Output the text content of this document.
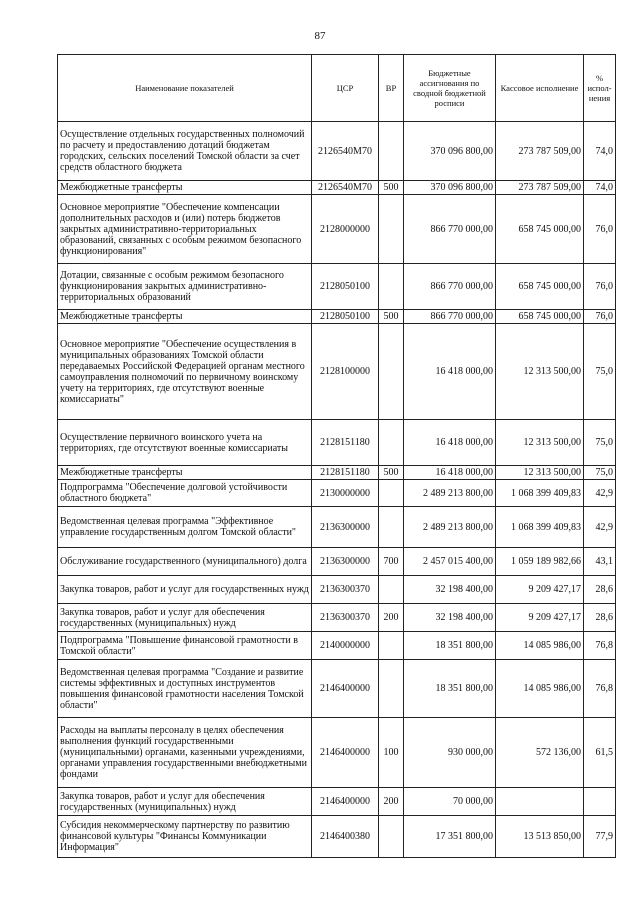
87
Наименование показателей	ЦСР	ВР	Бюджетные ассигнования по сводной бюджетной росписи	Кассовое исполнение	% испол-нения
Осуществление отдельных государственных полномочий по расчету и предоставлению дотаций бюджетам городских, сельских поселений Томской области за счет средств областного бюджета	2126540M70		370 096 800,00	273 787 509,00	74,0
Межбюджетные трансферты	2126540M70	500	370 096 800,00	273 787 509,00	74,0
Основное мероприятие "Обеспечение компенсации дополнительных расходов и (или) потерь бюджетов закрытых административно-территориальных образований, связанных с особым режимом безопасного функционирования"	2128000000		866 770 000,00	658 745 000,00	76,0
Дотации, связанные с особым режимом безопасного функционирования закрытых административно-территориальных образований	2128050100		866 770 000,00	658 745 000,00	76,0
Межбюджетные трансферты	2128050100	500	866 770 000,00	658 745 000,00	76,0
Основное мероприятие "Обеспечение осуществления в муниципальных образованиях Томской области передаваемых Российской Федерацией органам местного самоуправления полномочий по первичному воинскому учету на территориях, где отсутствуют военные комиссариаты"	2128100000		16 418 000,00	12 313 500,00	75,0
Осуществление первичного воинского учета на территориях, где отсутствуют военные комиссариаты	2128151180		16 418 000,00	12 313 500,00	75,0
Межбюджетные трансферты	2128151180	500	16 418 000,00	12 313 500,00	75,0
Подпрограмма "Обеспечение долговой устойчивости областного бюджета"	2130000000		2 489 213 800,00	1 068 399 409,83	42,9
Ведомственная целевая программа "Эффективное управление государственным долгом Томской области"	2136300000		2 489 213 800,00	1 068 399 409,83	42,9
Обслуживание государственного (муниципального) долга	2136300000	700	2 457 015 400,00	1 059 189 982,66	43,1
Закупка товаров, работ и услуг для государственных нужд	2136300370		32 198 400,00	9 209 427,17	28,6
Закупка товаров, работ и услуг для обеспечения государственных (муниципальных) нужд	2136300370	200	32 198 400,00	9 209 427,17	28,6
Подпрограмма "Повышение финансовой грамотности в Томской области"	2140000000		18 351 800,00	14 085 986,00	76,8
Ведомственная целевая программа "Создание и развитие системы эффективных и доступных инструментов повышения финансовой грамотности населения Томской области"	2146400000		18 351 800,00	14 085 986,00	76,8
Расходы на выплаты персоналу в целях обеспечения выполнения функций государственными (муниципальными) органами, казенными учреждениями, органами управления государственными внебюджетными фондами	2146400000	100	930 000,00	572 136,00	61,5
Закупка товаров, работ и услуг для обеспечения государственных (муниципальных) нужд	2146400000	200	70 000,00		
Субсидия некоммерческому партнерству по развитию финансовой культуры "Финансы Коммуникации Информация"	2146400380		17 351 800,00	13 513 850,00	77,9
